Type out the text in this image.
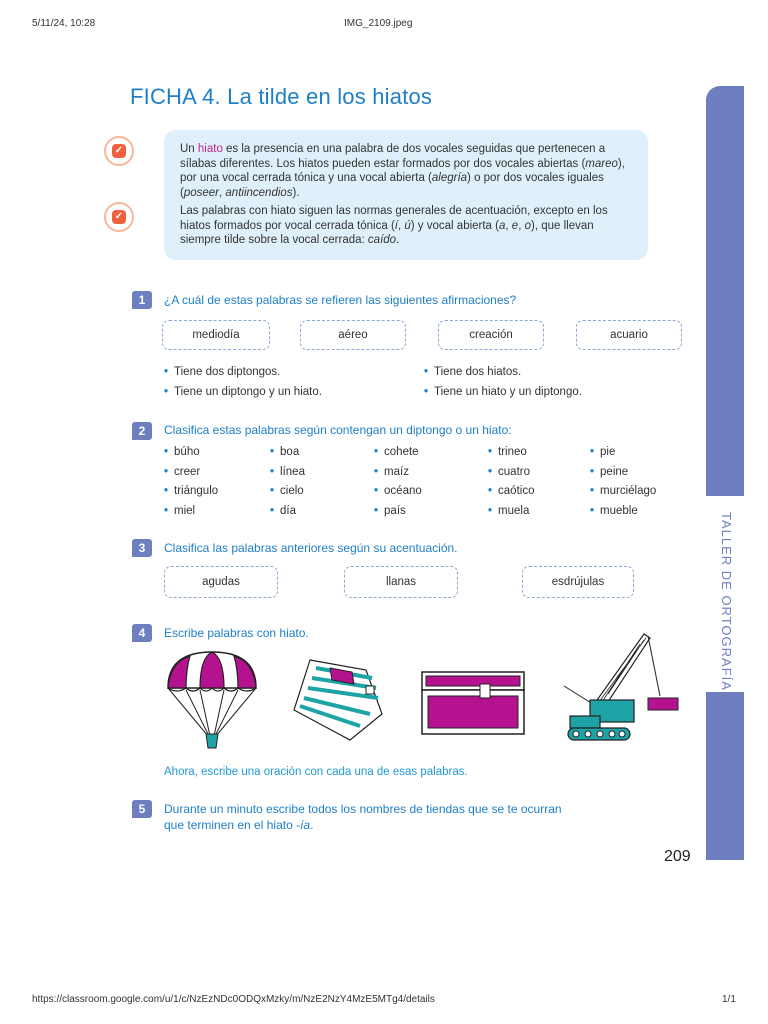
5/11/24, 10:28	IMG_2109.jpeg
TALLER DE ORTOGRAFÍA
FICHA 4. La tilde en los hiatos
✓
✓

Un hiato es la presencia en una palabra de dos vocales seguidas que pertenecen a sílabas diferentes. Los hiatos pueden estar formados por dos vocales abiertas (mareo), por una vocal cerrada tónica y una vocal abierta (alegría) o por dos vocales iguales (poseer, antiincendios).

Las palabras con hiato siguen las normas generales de acentuación, excepto en los hiatos formados por vocal cerrada tónica (í, ú) y vocal abierta (a, e, o), que llevan siempre tilde sobre la vocal cerrada: caído.

1	¿A cuál de estas palabras se refieren las siguientes afirmaciones?
mediodía	aéreo	creación	acuario
• Tiene dos diptongos.
• Tiene un diptongo y un hiato.
• Tiene dos hiatos.
• Tiene un hiato y un diptongo.
2	Clasifica estas palabras según contengan un diptongo o un hiato:
• búho
• creer
• triángulo
• miel
• boa
• línea
• cielo
• día
• cohete
• maíz
• océano
• país
• trineo
• cuatro
• caótico
• muela
• pie
• peine
• murciélago
• mueble
3	Clasifica las palabras anteriores según su acentuación.
agudas	llanas	esdrújulas
4	Escribe palabras con hiato.
Ahora, escribe una oración con cada una de esas palabras.
5	Durante un minuto escribe todos los nombres de tiendas que se te ocurran
que terminen en el hiato -ía.
209
https://classroom.google.com/u/1/c/NzEzNDc0ODQxMzky/m/NzE2NzY4MzE5MTg4/details	1/1
